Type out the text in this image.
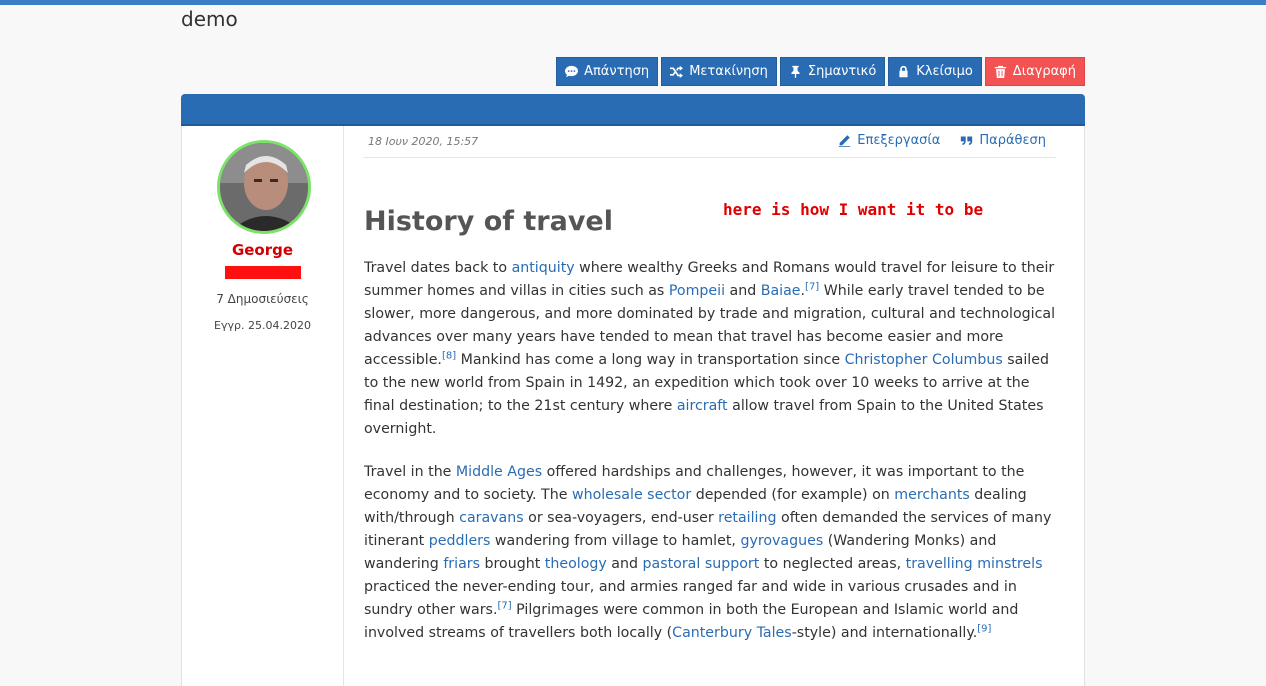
demo
Απάντηση	Μετακίνηση	Σημαντικό	Κλείσιμο	Διαγραφή
George
7 Δημοσιεύσεις
Εγγρ. 25.04.2020
18 Ιουν 2020, 15:57	Επεξεργασία	Παράθεση
History of travel	here is how I want it to be
Travel dates back to antiquity where wealthy Greeks and Romans would travel for leisure to their summer homes and villas in cities such as Pompeii and Baiae.[7] While early travel tended to be slower, more dangerous, and more dominated by trade and migration, cultural and technological advances over many years have tended to mean that travel has become easier and more accessible.[8] Mankind has come a long way in transportation since Christopher Columbus sailed to the new world from Spain in 1492, an expedition which took over 10 weeks to arrive at the final destination; to the 21st century where aircraft allow travel from Spain to the United States overnight.
Travel in the Middle Ages offered hardships and challenges, however, it was important to the economy and to society. The wholesale sector depended (for example) on merchants dealing with/through caravans or sea-voyagers, end-user retailing often demanded the services of many itinerant peddlers wandering from village to hamlet, gyrovagues (Wandering Monks) and wandering friars brought theology and pastoral support to neglected areas, travelling minstrels practiced the never-ending tour, and armies ranged far and wide in various crusades and in sundry other wars.[7] Pilgrimages were common in both the European and Islamic world and involved streams of travellers both locally (Canterbury Tales-style) and internationally.[9]
